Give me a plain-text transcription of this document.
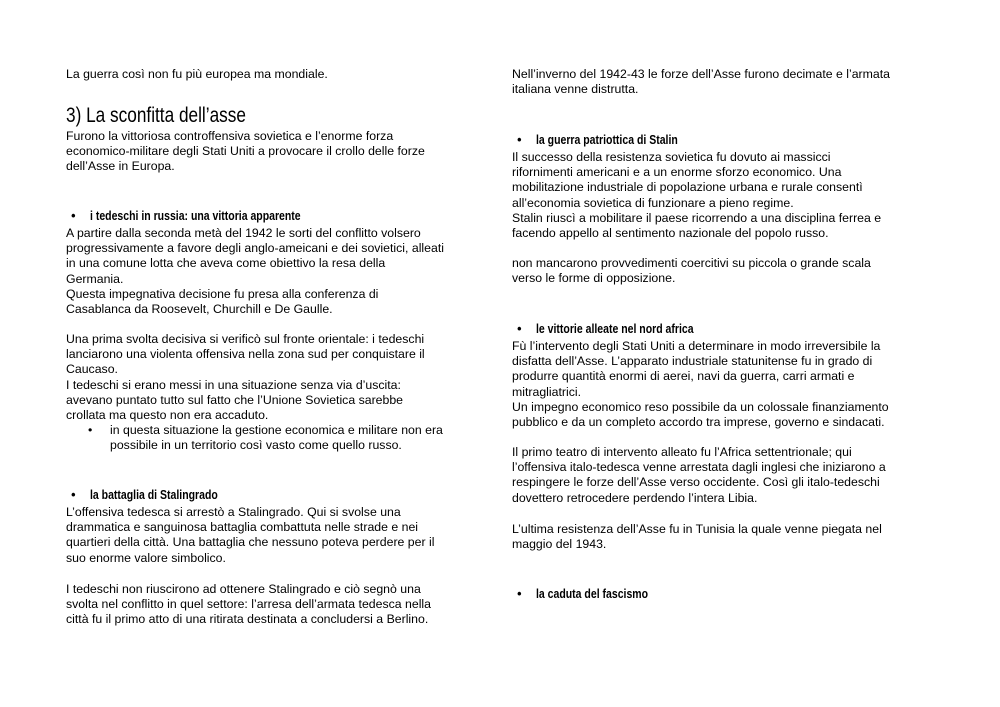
La guerra così non fu più europea ma mondiale.

3) La sconfitta dell’asse

Furono la vittoriosa controffensiva sovietica e l’enorme forza
economico-militare degli Stati Uniti a provocare il crollo delle forze
dell’Asse in Europa.

• i tedeschi in russia: una vittoria apparente

A partire dalla seconda metà del 1942 le sorti del conflitto volsero
progressivamente a favore degli anglo-ameicani e dei sovietici, alleati
in una comune lotta che aveva come obiettivo la resa della
Germania.
Questa impegnativa decisione fu presa alla conferenza di
Casablanca da Roosevelt, Churchill e De Gaulle.

Una prima svolta decisiva si verificò sul fronte orientale: i tedeschi
lanciarono una violenta offensiva nella zona sud per conquistare il
Caucaso.
I tedeschi si erano messi in una situazione senza via d’uscita:
avevano puntato tutto sul fatto che l’Unione Sovietica sarebbe
crollata ma questo non era accaduto.

• in questa situazione la gestione economica e militare non era
possibile in un territorio così vasto come quello russo.
• la battaglia di Stalingrado

L’offensiva tedesca si arrestò a Stalingrado. Qui si svolse una
drammatica e sanguinosa battaglia combattuta nelle strade e nei
quartieri della città. Una battaglia che nessuno poteva perdere per il
suo enorme valore simbolico.

I tedeschi non riuscirono ad ottenere Stalingrado e ciò segnò una
svolta nel conflitto in quel settore: l’arresa dell’armata tedesca nella
città fu il primo atto di una ritirata destinata a concludersi a Berlino.

Nell’inverno del 1942-43 le forze dell’Asse furono decimate e l’armata
italiana venne distrutta.

• la guerra patriottica di Stalin

Il successo della resistenza sovietica fu dovuto ai massicci
rifornimenti americani e a un enorme sforzo economico. Una
mobilitazione industriale di popolazione urbana e rurale consentì
all’economia sovietica di funzionare a pieno regime.
Stalin riuscì a mobilitare il paese ricorrendo a una disciplina ferrea e
facendo appello al sentimento nazionale del popolo russo.

non mancarono provvedimenti coercitivi su piccola o grande scala
verso le forme di opposizione.

• le vittorie alleate nel nord africa

Fù l’intervento degli Stati Uniti a determinare in modo irreversibile la
disfatta dell’Asse. L’apparato industriale statunitense fu in grado di
produrre quantità enormi di aerei, navi da guerra, carri armati e
mitragliatrici.
Un impegno economico reso possibile da un colossale finanziamento
pubblico e da un completo accordo tra imprese, governo e sindacati.

Il primo teatro di intervento alleato fu l’Africa settentrionale; qui
l’offensiva italo-tedesca venne arrestata dagli inglesi che iniziarono a
respingere le forze dell’Asse verso occidente. Così gli italo-tedeschi
dovettero retrocedere perdendo l’intera Libia.

L’ultima resistenza dell’Asse fu in Tunisia la quale venne piegata nel
maggio del 1943.

• la caduta del fascismo
